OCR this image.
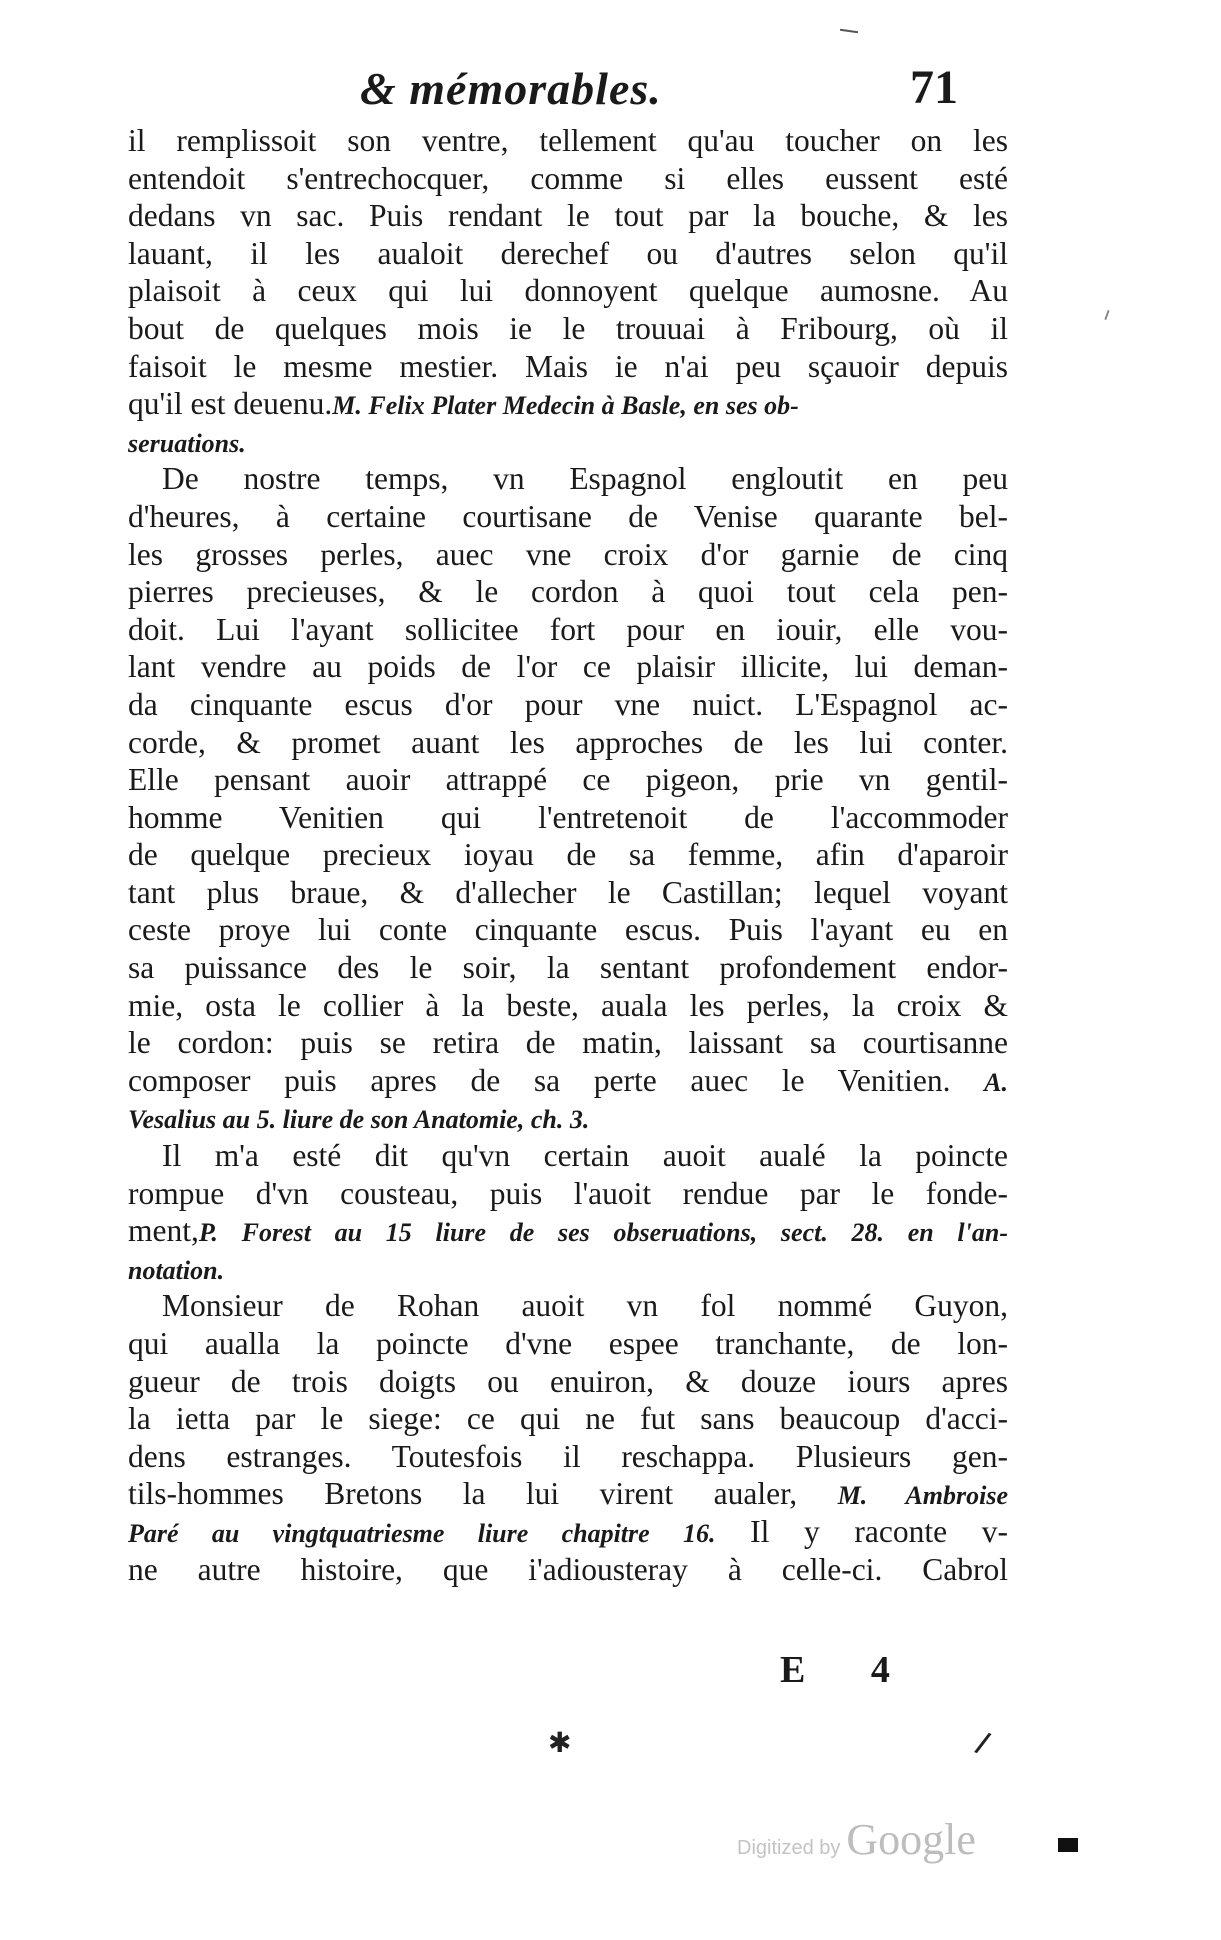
& mémorables.	71
il remplissoit son ventre, tellement qu'au toucher on les
entendoit s'entrechocquer, comme si elles eussent esté
dedans vn sac. Puis rendant le tout par la bouche, & les
lauant, il les aualoit derechef ou d'autres selon qu'il
plaisoit à ceux qui lui donnoyent quelque aumosne. Au
bout de quelques mois ie le trouuai à Fribourg, où il
faisoit le mesme mestier. Mais ie n'ai peu sçauoir depuis
qu'il est deuenu.M. Felix Plater Medecin à Basle, en ses ob-
seruations.
De nostre temps, vn Espagnol engloutit en peu
d'heures, à certaine courtisane de Venise quarante bel-
les grosses perles, auec vne croix d'or garnie de cinq
pierres precieuses, & le cordon à quoi tout cela pen-
doit. Lui l'ayant sollicitee fort pour en iouir, elle vou-
lant vendre au poids de l'or ce plaisir illicite, lui deman-
da cinquante escus d'or pour vne nuict. L'Espagnol ac-
corde, & promet auant les approches de les lui conter.
Elle pensant auoir attrappé ce pigeon, prie vn gentil-
homme Venitien qui l'entretenoit de l'accommoder
de quelque precieux ioyau de sa femme, afin d'aparoir
tant plus braue, & d'allecher le Castillan; lequel voyant
ceste proye lui conte cinquante escus. Puis l'ayant eu en
sa puissance des le soir, la sentant profondement endor-
mie, osta le collier à la beste, auala les perles, la croix &
le cordon: puis se retira de matin, laissant sa courtisanne
composer puis apres de sa perte auec le Venitien. A.
Vesalius au 5. liure de son Anatomie, ch. 3.
Il m'a esté dit qu'vn certain auoit aualé la poincte
rompue d'vn cousteau, puis l'auoit rendue par le fonde-
ment,P. Forest au 15 liure de ses obseruations, sect. 28. en l'an-
notation.
Monsieur de Rohan auoit vn fol nommé Guyon,
qui aualla la poincte d'vne espee tranchante, de lon-
gueur de trois doigts ou enuiron, & douze iours apres
la ietta par le siege: ce qui ne fut sans beaucoup d'acci-
dens estranges. Toutesfois il reschappa. Plusieurs gen-
tils-hommes Bretons la lui virent aualer, M. Ambroise
Paré au vingtquatriesme liure chapitre 16. Il y raconte v-
ne autre histoire, que i'adiousteray à celle-ci. Cabrol
E 4
✱	/
Digitized by Google
